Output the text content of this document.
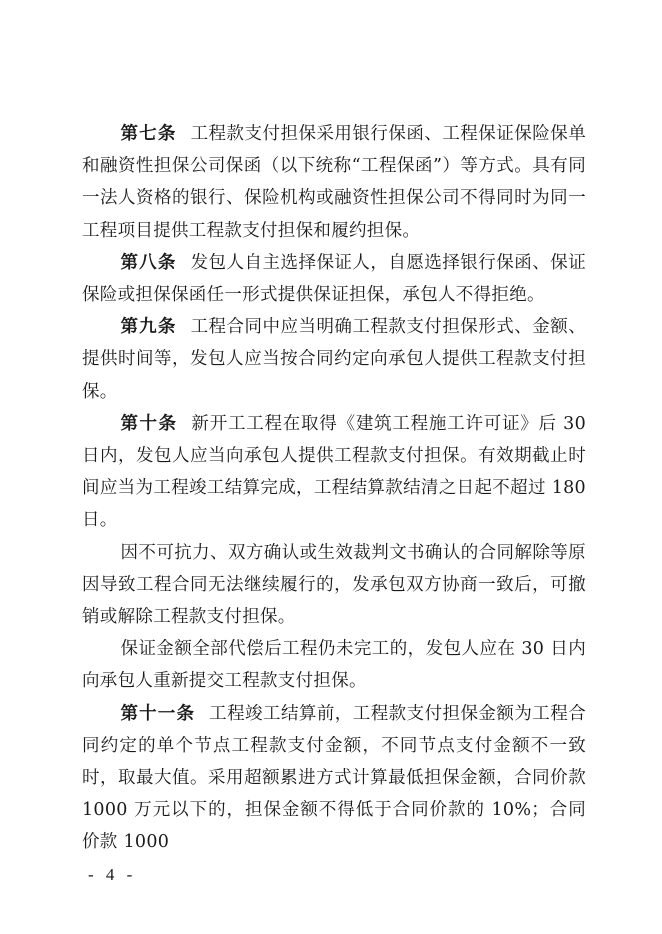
第七条 工程款支付担保采用银行保函、工程保证保险保单和融资性担保公司保函（以下统称“工程保函”）等方式。具有同一法人资格的银行、保险机构或融资性担保公司不得同时为同一工程项目提供工程款支付担保和履约担保。

第八条 发包人自主选择保证人，自愿选择银行保函、保证保险或担保保函任一形式提供保证担保，承包人不得拒绝。

第九条 工程合同中应当明确工程款支付担保形式、金额、提供时间等，发包人应当按合同约定向承包人提供工程款支付担保。

第十条 新开工工程在取得《建筑工程施工许可证》后 30 日内，发包人应当向承包人提供工程款支付担保。有效期截止时间应当为工程竣工结算完成，工程结算款结清之日起不超过 180 日。

因不可抗力、双方确认或生效裁判文书确认的合同解除等原因导致工程合同无法继续履行的，发承包双方协商一致后，可撤销或解除工程款支付担保。

保证金额全部代偿后工程仍未完工的，发包人应在 30 日内向承包人重新提交工程款支付担保。

第十一条 工程竣工结算前，工程款支付担保金额为工程合同约定的单个节点工程款支付金额，不同节点支付金额不一致时，取最大值。采用超额累进方式计算最低担保金额，合同价款 1000 万元以下的，担保金额不得低于合同价款的 10%；合同价款 1000

- 4 -
